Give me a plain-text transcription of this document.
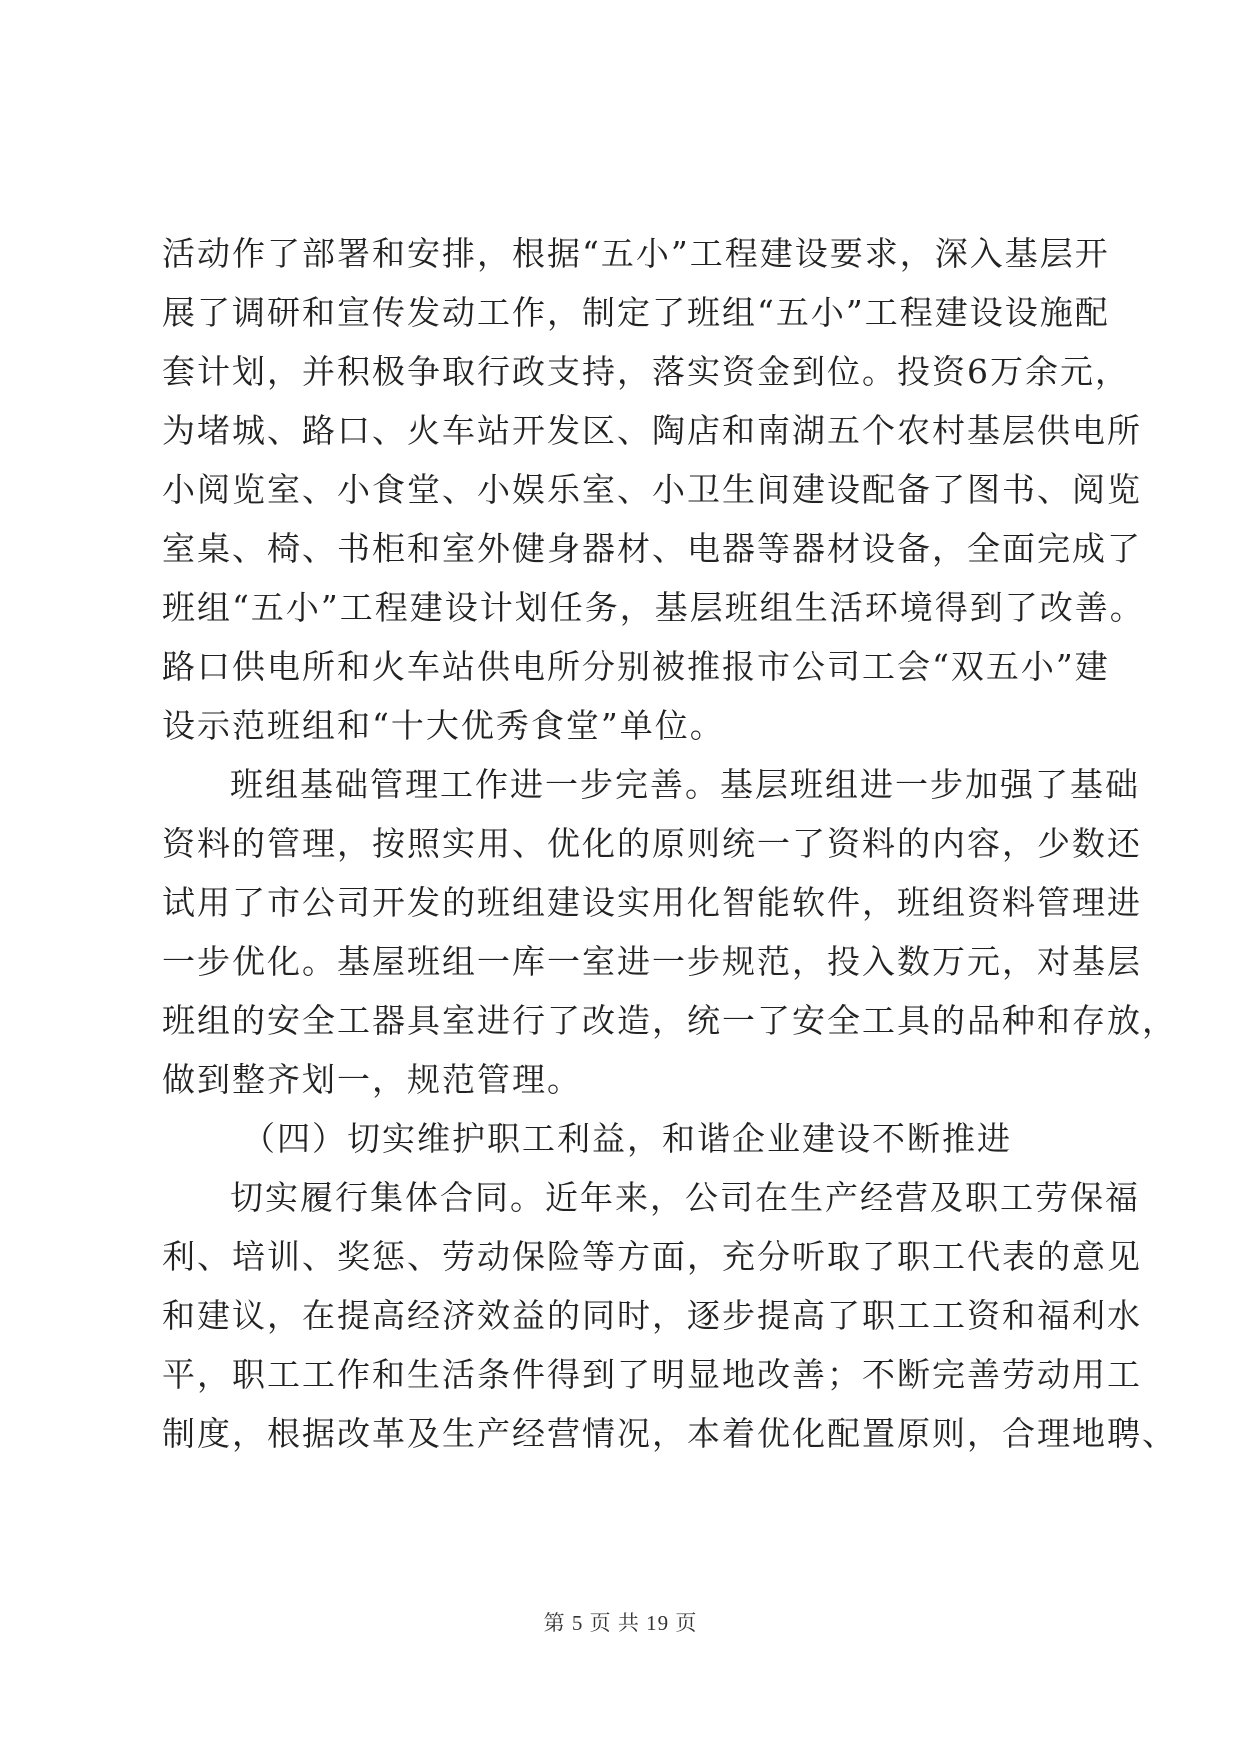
活动作了部署和安排，根据“五小”工程建设要求，深入基层开
展了调研和宣传发动工作，制定了班组“五小”工程建设设施配
套计划，并积极争取行政支持，落实资金到位。投资6万余元，
为堵城、路口、火车站开发区、陶店和南湖五个农村基层供电所
小阅览室、小食堂、小娱乐室、小卫生间建设配备了图书、阅览
室桌、椅、书柜和室外健身器材、电器等器材设备，全面完成了
班组“五小”工程建设计划任务，基层班组生活环境得到了改善。
路口供电所和火车站供电所分别被推报市公司工会“双五小”建
设示范班组和“十大优秀食堂”单位。
班组基础管理工作进一步完善。基层班组进一步加强了基础
资料的管理，按照实用、优化的原则统一了资料的内容，少数还
试用了市公司开发的班组建设实用化智能软件，班组资料管理进
一步优化。基屋班组一库一室进一步规范，投入数万元，对基层
班组的安全工器具室进行了改造，统一了安全工具的品种和存放，
做到整齐划一，规范管理。
（四）切实维护职工利益，和谐企业建设不断推进
切实履行集体合同。近年来，公司在生产经营及职工劳保福
利、培训、奖惩、劳动保险等方面，充分听取了职工代表的意见
和建议，在提高经济效益的同时，逐步提高了职工工资和福利水
平，职工工作和生活条件得到了明显地改善；不断完善劳动用工
制度，根据改革及生产经营情况，本着优化配置原则，合理地聘、
第 5 页 共 19 页
